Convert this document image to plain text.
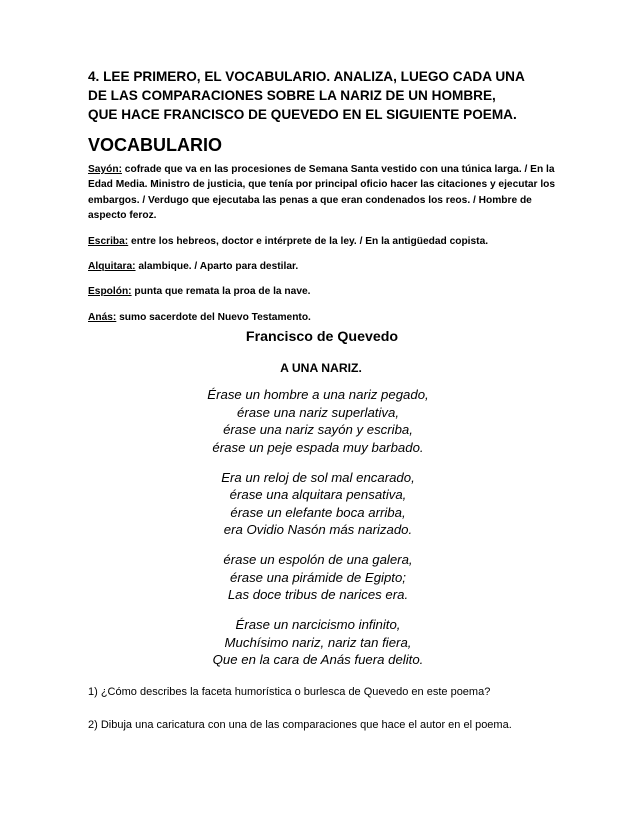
4. LEE PRIMERO, EL VOCABULARIO. ANALIZA, LUEGO CADA UNA
DE LAS COMPARACIONES SOBRE LA NARIZ DE UN HOMBRE,
QUE HACE FRANCISCO DE QUEVEDO EN EL SIGUIENTE POEMA.
VOCABULARIO
Sayón: cofrade que va en las procesiones de Semana Santa vestido con una túnica larga. / En la Edad Media. Ministro de justicia, que tenía por principal oficio hacer las citaciones y ejecutar los embargos. / Verdugo que ejecutaba las penas a que eran condenados los reos. / Hombre de aspecto feroz.
Escriba: entre los hebreos, doctor e intérprete de la ley. / En la antigüedad copista.
Alquitara: alambique. / Aparto para destilar.
Espolón: punta que remata la proa de la nave.
Anás: sumo sacerdote del Nuevo Testamento.
Francisco de Quevedo
A UNA NARIZ.
Érase un hombre a una nariz pegado,
érase una nariz superlativa,
érase una nariz sayón y escriba,
érase un peje espada muy barbado.
Era un reloj de sol mal encarado,
érase una alquitara pensativa,
érase un elefante boca arriba,
era Ovidio Nasón más narizado.
érase un espolón de una galera,
érase una pirámide de Egipto;
Las doce tribus de narices era.
Érase un narcicismo infinito,
Muchísimo nariz, nariz tan fiera,
Que en la cara de Anás fuera delito.
1) ¿Cómo describes la faceta humorística o burlesca de Quevedo en este poema?
2) Dibuja una caricatura con una de las comparaciones que hace el autor en el poema.
